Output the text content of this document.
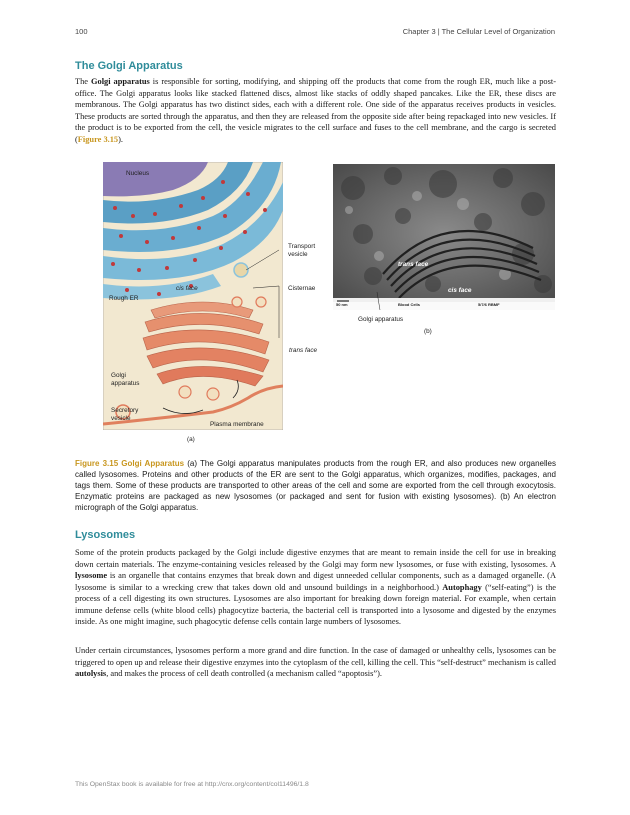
100	Chapter 3 | The Cellular Level of Organization
The Golgi Apparatus

The Golgi apparatus is responsible for sorting, modifying, and shipping off the products that come from the rough ER, much like a post-office. The Golgi apparatus looks like stacked flattened discs, almost like stacks of oddly shaped pancakes. Like the ER, these discs are membranous. The Golgi apparatus has two distinct sides, each with a different role. One side of the apparatus receives products in vesicles. These products are sorted through the apparatus, and then they are released from the opposite side after being repackaged into new vesicles. If the product is to be exported from the cell, the vesicle migrates to the cell surface and fuses to the cell membrane, and the cargo is secreted (Figure 3.15).

Nucleus
Transport
vesicle
cis face	Cisternae
Rough ER
trans face
Golgi
apparatus
Secretory
vesicle
Plasma membrane
(a)
trans face
cis face
50 nm	Blood Cells	5/7/6 RBMF
Golgi apparatus
(b)

Figure 3.15 Golgi Apparatus (a) The Golgi apparatus manipulates products from the rough ER, and also produces new organelles called lysosomes. Proteins and other products of the ER are sent to the Golgi apparatus, which organizes, modifies, packages, and tags them. Some of these products are transported to other areas of the cell and some are exported from the cell through exocytosis. Enzymatic proteins are packaged as new lysosomes (or packaged and sent for fusion with existing lysosomes). (b) An electron micrograph of the Golgi apparatus.

Lysosomes

Some of the protein products packaged by the Golgi include digestive enzymes that are meant to remain inside the cell for use in breaking down certain materials. The enzyme-containing vesicles released by the Golgi may form new lysosomes, or fuse with existing, lysosomes. A lysosome is an organelle that contains enzymes that break down and digest unneeded cellular components, such as a damaged organelle. (A lysosome is similar to a wrecking crew that takes down old and unsound buildings in a neighborhood.) Autophagy (“self-eating”) is the process of a cell digesting its own structures. Lysosomes are also important for breaking down foreign material. For example, when certain immune defense cells (white blood cells) phagocytize bacteria, the bacterial cell is transported into a lysosome and digested by the enzymes inside. As one might imagine, such phagocytic defense cells contain large numbers of lysosomes.

Under certain circumstances, lysosomes perform a more grand and dire function. In the case of damaged or unhealthy cells, lysosomes can be triggered to open up and release their digestive enzymes into the cytoplasm of the cell, killing the cell. This “self-destruct” mechanism is called autolysis, and makes the process of cell death controlled (a mechanism called “apoptosis”).

This OpenStax book is available for free at http://cnx.org/content/col11496/1.8
